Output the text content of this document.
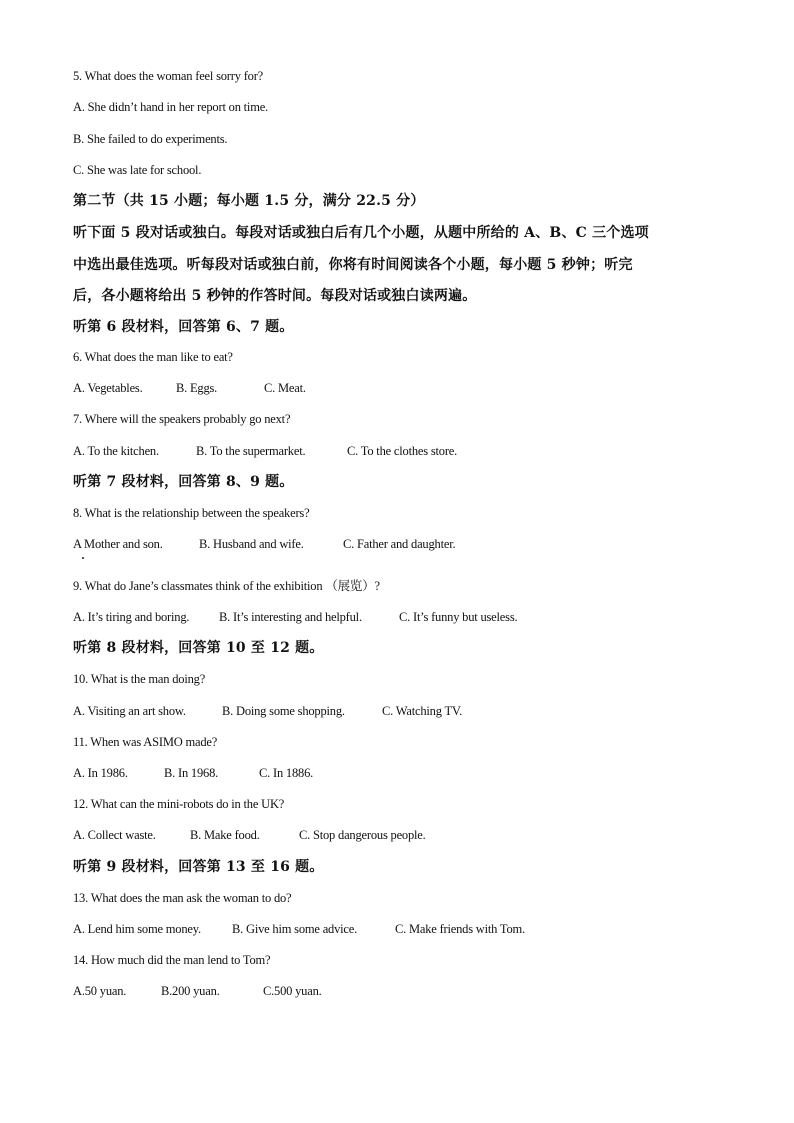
5. What does the woman feel sorry for?
A. She didn’t hand in her report on time.
B. She failed to do experiments.
C. She was late for school.
第二节（共 15 小题；每小题 1.5 分，满分 22.5 分）
听下面 5 段对话或独白。每段对话或独白后有几个小题，从题中所给的 A、B、C 三个选项
中选出最佳选项。听每段对话或独白前，你将有时间阅读各个小题，每小题 5 秒钟；听完
后，各小题将给出 5 秒钟的作答时间。每段对话或独白读两遍。
听第 6 段材料，回答第 6、7 题。
6. What does the man like to eat?
A. Vegetables.	B. Eggs.	C. Meat.
7. Where will the speakers probably go next?
A. To the kitchen.	B. To the supermarket.	C. To the clothes store.
听第 7 段材料，回答第 8、9 题。
8. What is the relationship between the speakers?
A Mother and son.	B. Husband and wife.	C. Father and daughter.
9. What do Jane’s classmates think of the exhibition （展览）?
A. It’s tiring and boring. B. It’s interesting and helpful.	C. It’s funny but useless.
听第 8 段材料，回答第 10 至 12 题。
10. What is the man doing?
A. Visiting an art show.	B. Doing some shopping.	C. Watching TV.
11. When was ASIMO made?
A. In 1986.	B. In 1968.	C. In 1886.
12. What can the mini-robots do in the UK?
A. Collect waste.	B. Make food.	C. Stop dangerous people.
听第 9 段材料，回答第 13 至 16 题。
13. What does the man ask the woman to do?
A. Lend him some money. B. Give him some advice.	C. Make friends with Tom.
14. How much did the man lend to Tom?
A.50 yuan.	B.200 yuan.	C.500 yuan.
